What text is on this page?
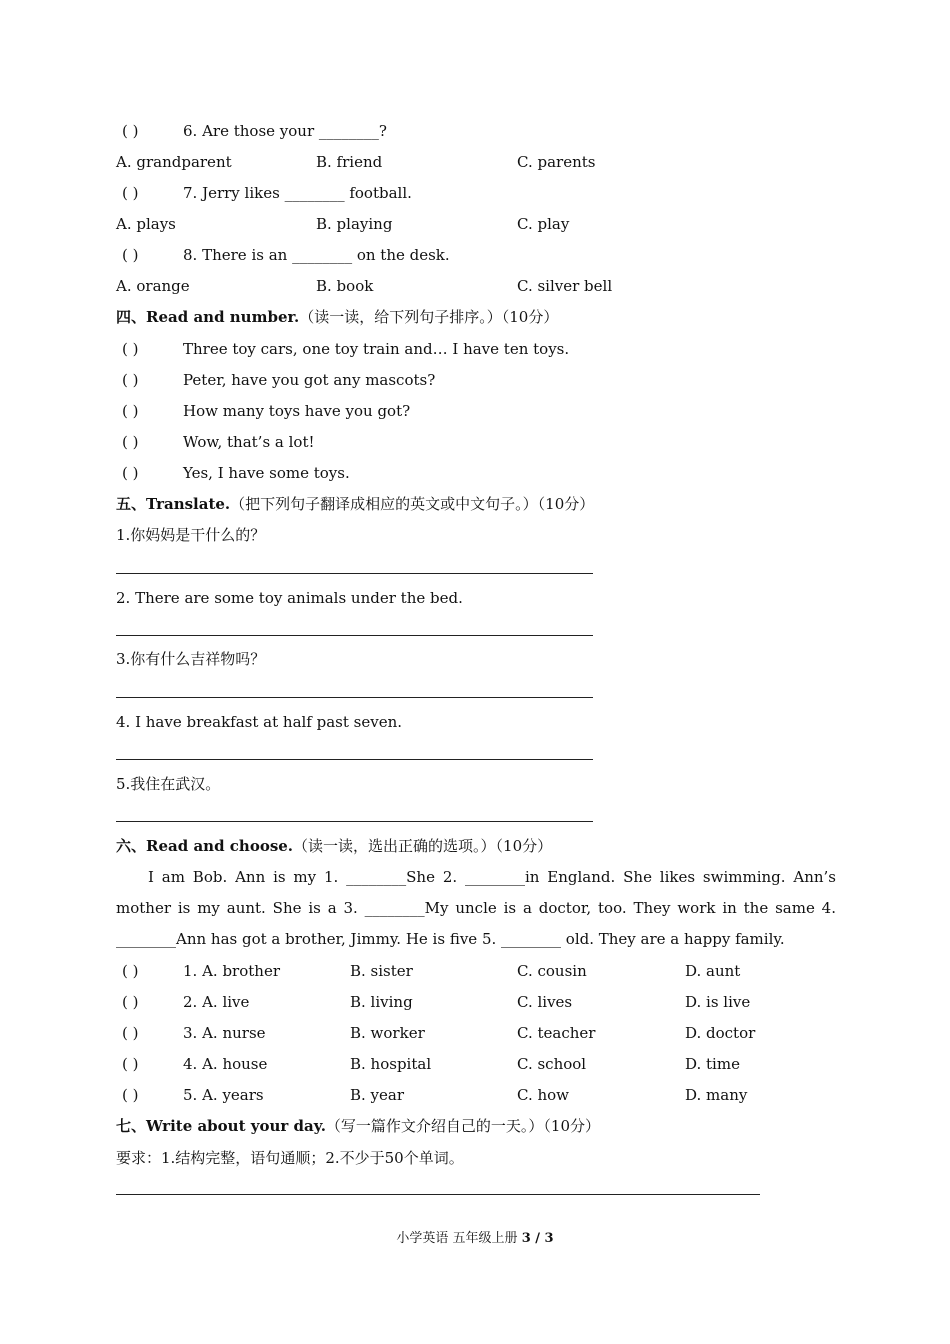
( )	6. Are those your ________?
A. grandparent	B. friend	C. parents
( )	7. Jerry likes ________ football.
A. plays	B. playing	C. play
( )	8. There is an ________ on the desk.
A. orange	B. book	C. silver bell
四、Read and number.（读一读，给下列句子排序。）（10分）
( )	Three toy cars, one toy train and… I have ten toys.
( )	Peter, have you got any mascots?
( )	How many toys have you got?
( )	Wow, that’s a lot!
( )	Yes, I have some toys.
五、Translate.（把下列句子翻译成相应的英文或中文句子。）（10分）
1.你妈妈是干什么的？
2. There are some toy animals under the bed.
3.你有什么吉祥物吗？
4. I have breakfast at half past seven.
5.我住在武汉。
六、Read and choose.（读一读，选出正确的选项。）（10分）
I am Bob. Ann is my 1. ________She 2. ________in England. She likes swimming. Ann’s mother is my aunt. She is a 3. ________My uncle is a doctor, too. They work in the same 4. ________Ann has got a brother, Jimmy. He is five 5. ________ old. They are a happy family.
( )	1. A. brother	B. sister	C. cousin	D. aunt
( )	2. A. live	B. living	C. lives	D. is live
( )	3. A. nurse	B. worker	C. teacher	D. doctor
( )	4. A. house	B. hospital	C. school	D. time
( )	5. A. years	B. year	C. how	D. many
七、Write about your day.（写一篇作文介绍自己的一天。）（10分）
要求：1.结构完整，语句通顺；2.不少于50个单词。
小学英语 五年级上册 3 / 3
